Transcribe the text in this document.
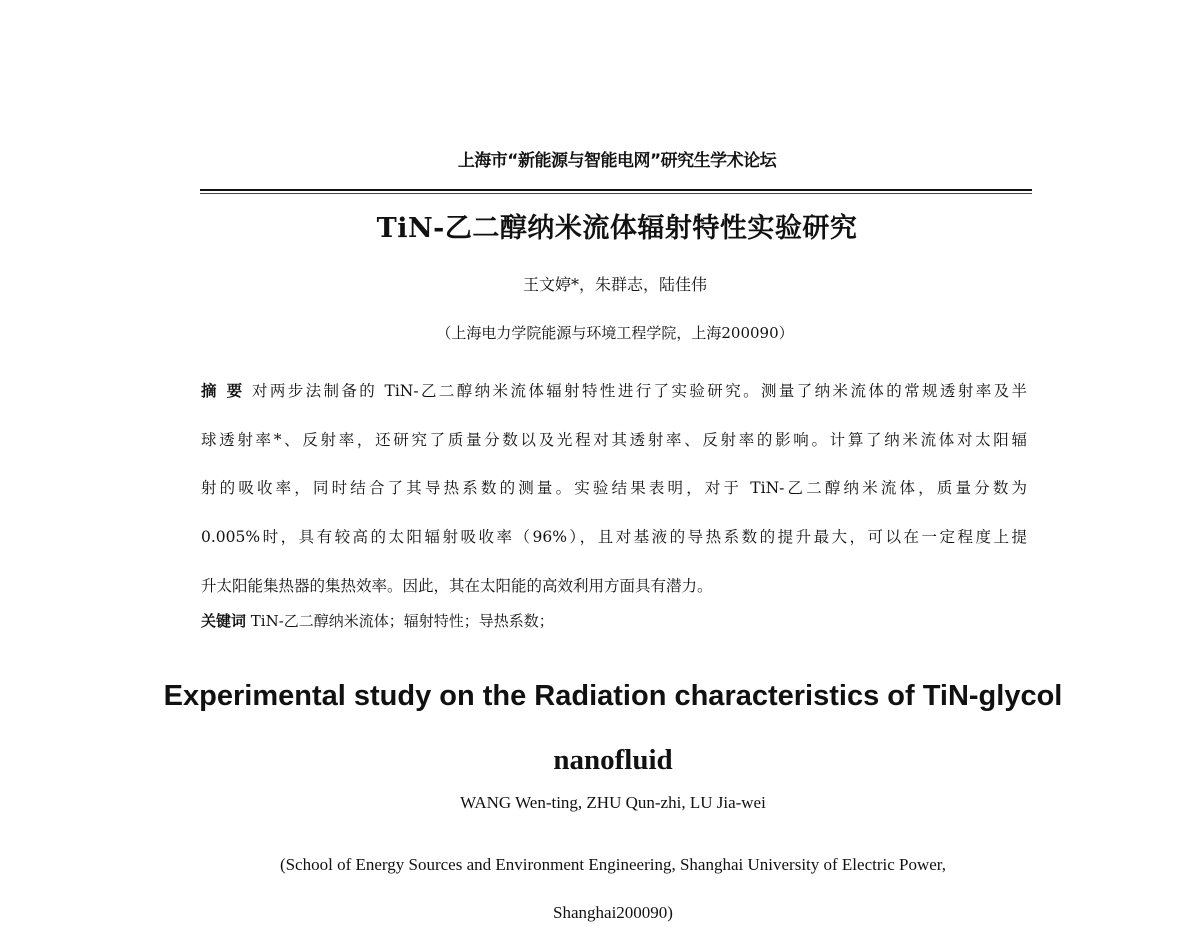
上海市“新能源与智能电网”研究生学术论坛
TiN-乙二醇纳米流体辐射特性实验研究
王文婷*，朱群志，陆佳伟
（上海电力学院能源与环境工程学院，上海200090）
摘 要 对两步法制备的 TiN-乙二醇纳米流体辐射特性进行了实验研究。测量了纳米流体的常规透射率及半
球透射率*、反射率，还研究了质量分数以及光程对其透射率、反射率的影响。计算了纳米流体对太阳辐
射的吸收率，同时结合了其导热系数的测量。实验结果表明，对于 TiN-乙二醇纳米流体，质量分数为
0.005%时，具有较高的太阳辐射吸收率（96%），且对基液的导热系数的提升最大，可以在一定程度上提
升太阳能集热器的集热效率。因此，其在太阳能的高效利用方面具有潜力。
关键词 TiN-乙二醇纳米流体；辐射特性；导热系数；
Experimental study on the Radiation characteristics of TiN-glycol
nanofluid
WANG Wen-ting, ZHU Qun-zhi, LU Jia-wei
(School of Energy Sources and Environment Engineering, Shanghai University of Electric Power,
Shanghai200090)
